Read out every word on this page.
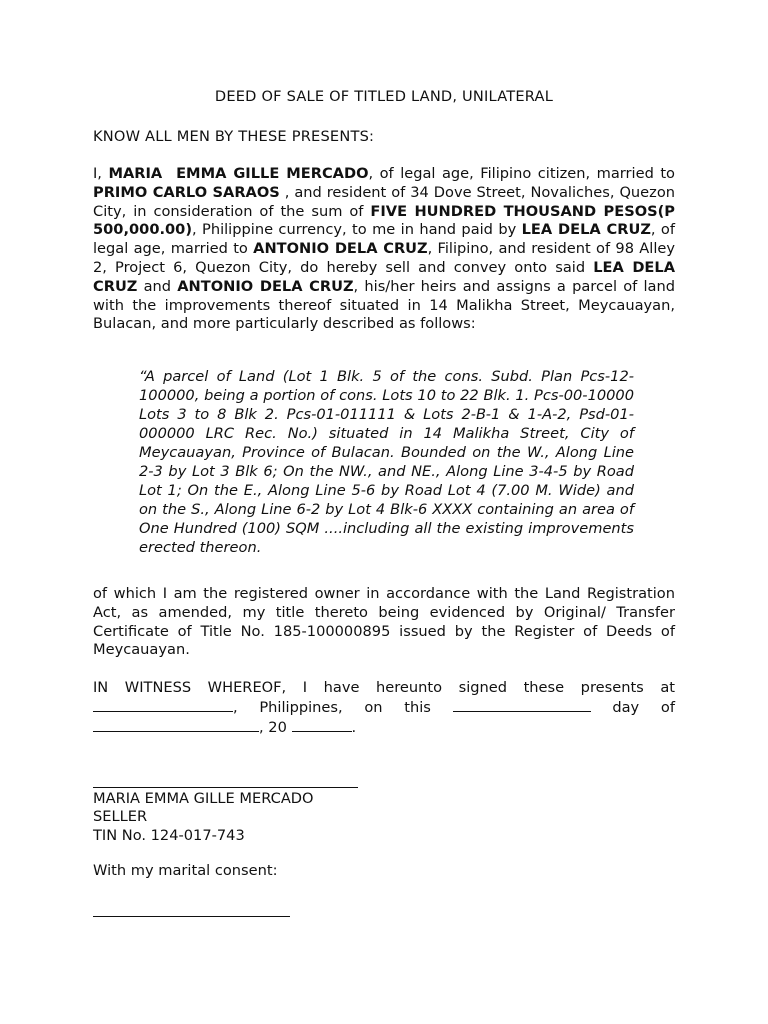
DEED OF SALE OF TITLED LAND, UNILATERAL
KNOW ALL MEN BY THESE PRESENTS:
I, MARIA  EMMA GILLE MERCADO, of legal age, Filipino citizen, married to PRIMO CARLO SARAOS , and resident of 34 Dove Street, Novaliches, Quezon City, in consideration of the sum of FIVE HUNDRED THOUSAND PESOS(P 500,000.00), Philippine currency, to me in hand paid by LEA DELA CRUZ, of legal age, married to ANTONIO DELA CRUZ, Filipino, and resident of 98 Alley 2, Project 6, Quezon City, do hereby sell and convey onto said LEA DELA CRUZ and ANTONIO DELA CRUZ, his/her heirs and assigns a parcel of land with the improvements thereof situated in 14 Malikha Street, Meycauayan, Bulacan, and more particularly described as follows:
“A parcel of Land (Lot 1 Blk. 5 of the cons. Subd. Plan Pcs-12-100000, being a portion of cons. Lots 10 to 22 Blk. 1. Pcs-00-10000 Lots 3 to 8 Blk 2. Pcs-01-011111 & Lots 2-B-1 & 1-A-2, Psd-01-000000 LRC Rec. No.) situated in 14 Malikha Street, City of Meycauayan, Province of Bulacan. Bounded on the W., Along Line 2-3 by Lot 3 Blk 6; On the NW., and NE., Along Line 3-4-5 by Road Lot 1; On the E., Along Line 5-6 by Road Lot 4 (7.00 M. Wide) and on the S., Along Line 6-2 by Lot 4 Blk-6 XXXX containing an area of One Hundred (100) SQM ....including all the existing improvements erected thereon.
of which I am the registered owner in accordance with the Land Registration Act, as amended, my title thereto being evidenced by Original/ Transfer Certificate of Title No. 185-100000895 issued by the Register of Deeds of Meycauayan.
IN WITNESS WHEREOF, I have hereunto signed these presents at , Philippines, on this	day of , 20	.
MARIA EMMA GILLE MERCADO
SELLER
TIN No. 124-017-743
With my marital consent:
